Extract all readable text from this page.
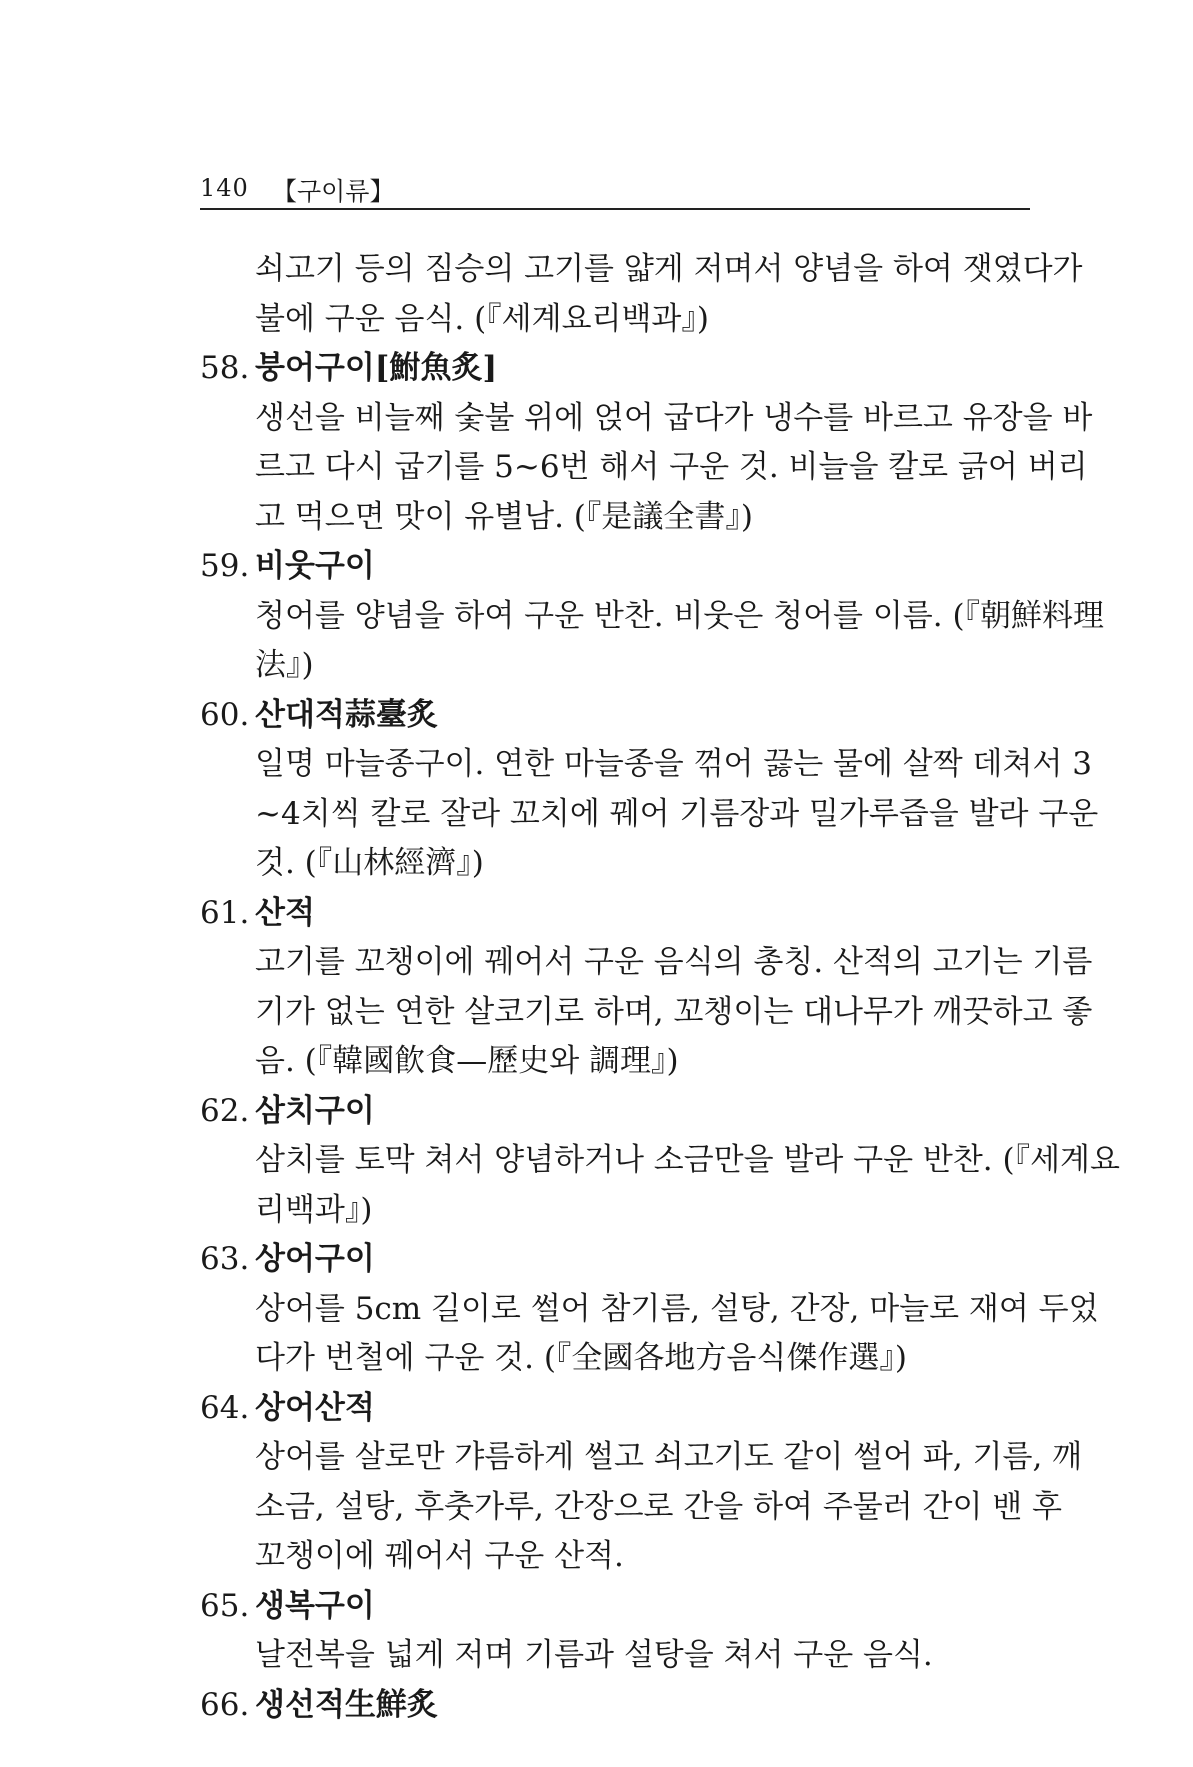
140 【구이류】
쇠고기 등의 짐승의 고기를 얇게 저며서 양념을 하여 잿였다가
불에 구운 음식. (『세계요리백과』)
58. 붕어구이[鮒魚炙]
생선을 비늘째 숯불 위에 얹어 굽다가 냉수를 바르고 유장을 바
르고 다시 굽기를 5~6번 해서 구운 것. 비늘을 칼로 긁어 버리
고 먹으면 맛이 유별남. (『是議全書』)
59. 비웃구이
청어를 양념을 하여 구운 반찬. 비웃은 청어를 이름. (『朝鮮料理
法』)
60. 산대적蒜臺炙
일명 마늘종구이. 연한 마늘종을 꺾어 끓는 물에 살짝 데쳐서 3
~4치씩 칼로 잘라 꼬치에 꿰어 기름장과 밀가루즙을 발라 구운
것. (『山林經濟』)
61. 산적
고기를 꼬챙이에 꿰어서 구운 음식의 총칭. 산적의 고기는 기름
기가 없는 연한 살코기로 하며, 꼬챙이는 대나무가 깨끗하고 좋
음. (『韓國飮食—歷史와 調理』)
62. 삼치구이
삼치를 토막 쳐서 양념하거나 소금만을 발라 구운 반찬. (『세계요
리백과』)
63. 상어구이
상어를 5cm 길이로 썰어 참기름, 설탕, 간장, 마늘로 재여 두었
다가 번철에 구운 것. (『全國各地方음식傑作選』)
64. 상어산적
상어를 살로만 갸름하게 썰고 쇠고기도 같이 썰어 파, 기름, 깨
소금, 설탕, 후춧가루, 간장으로 간을 하여 주물러 간이 밴 후
꼬챙이에 꿰어서 구운 산적.
65. 생복구이
날전복을 넓게 저며 기름과 설탕을 쳐서 구운 음식.
66. 생선적生鮮炙
